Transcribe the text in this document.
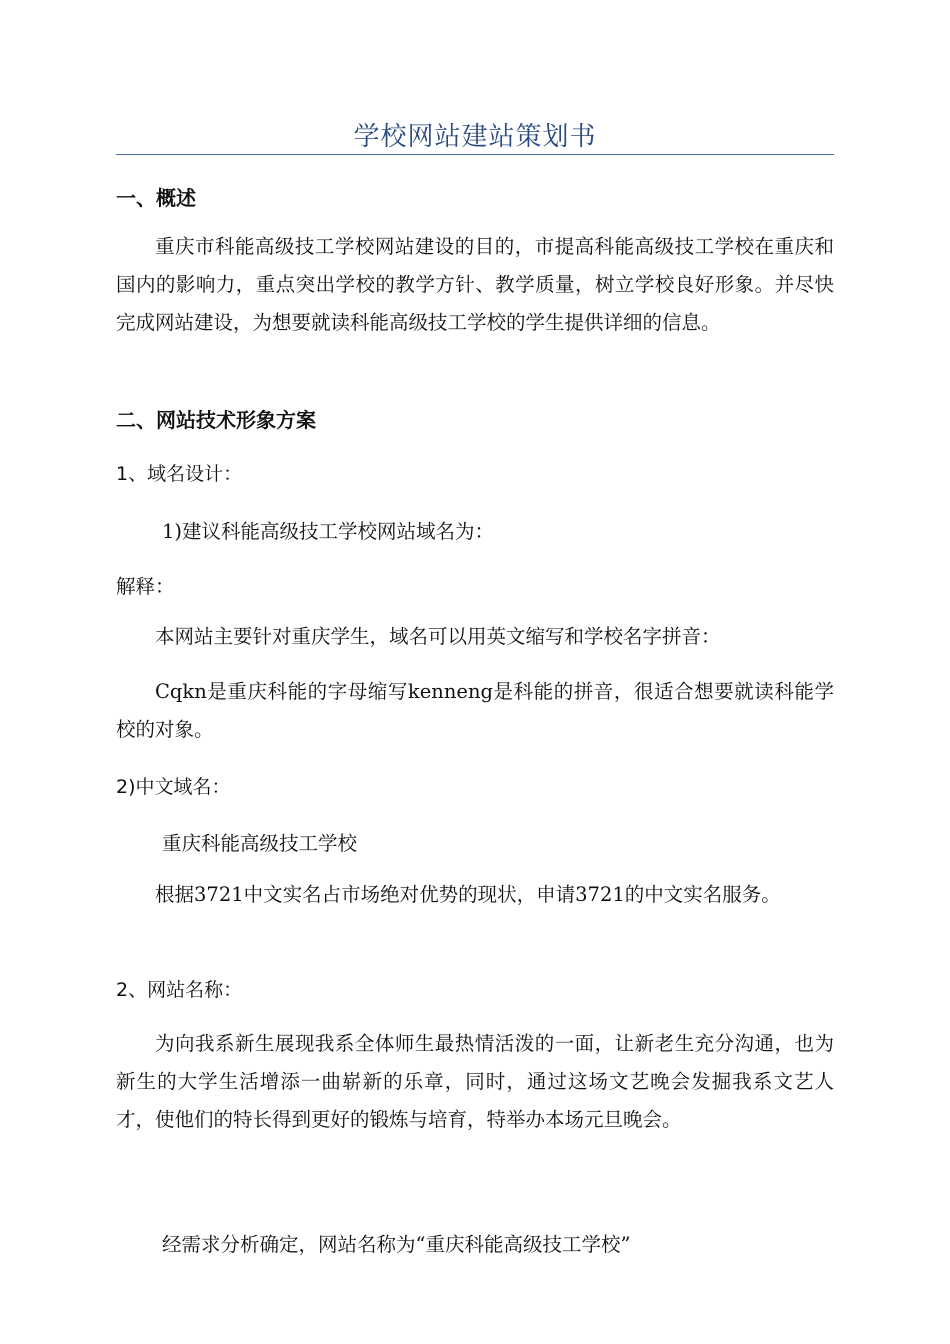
学校网站建站策划书
一、概述
重庆市科能高级技工学校网站建设的目的，市提高科能高级技工学校在重庆和国内的影响力，重点突出学校的教学方针、教学质量，树立学校良好形象。并尽快完成网站建设，为想要就读科能高级技工学校的学生提供详细的信息。
二、网站技术形象方案
1、域名设计：
1)建议科能高级技工学校网站域名为：
解释：
本网站主要针对重庆学生，域名可以用英文缩写和学校名字拼音：
Cqkn是重庆科能的字母缩写kenneng是科能的拼音，很适合想要就读科能学校的对象。
2)中文域名：
重庆科能高级技工学校
根据3721中文实名占市场绝对优势的现状，申请3721的中文实名服务。
2、网站名称：
为向我系新生展现我系全体师生最热情活泼的一面，让新老生充分沟通，也为新生的大学生活增添一曲崭新的乐章，同时，通过这场文艺晚会发掘我系文艺人才，使他们的特长得到更好的锻炼与培育，特举办本场元旦晚会。
经需求分析确定，网站名称为“重庆科能高级技工学校”
